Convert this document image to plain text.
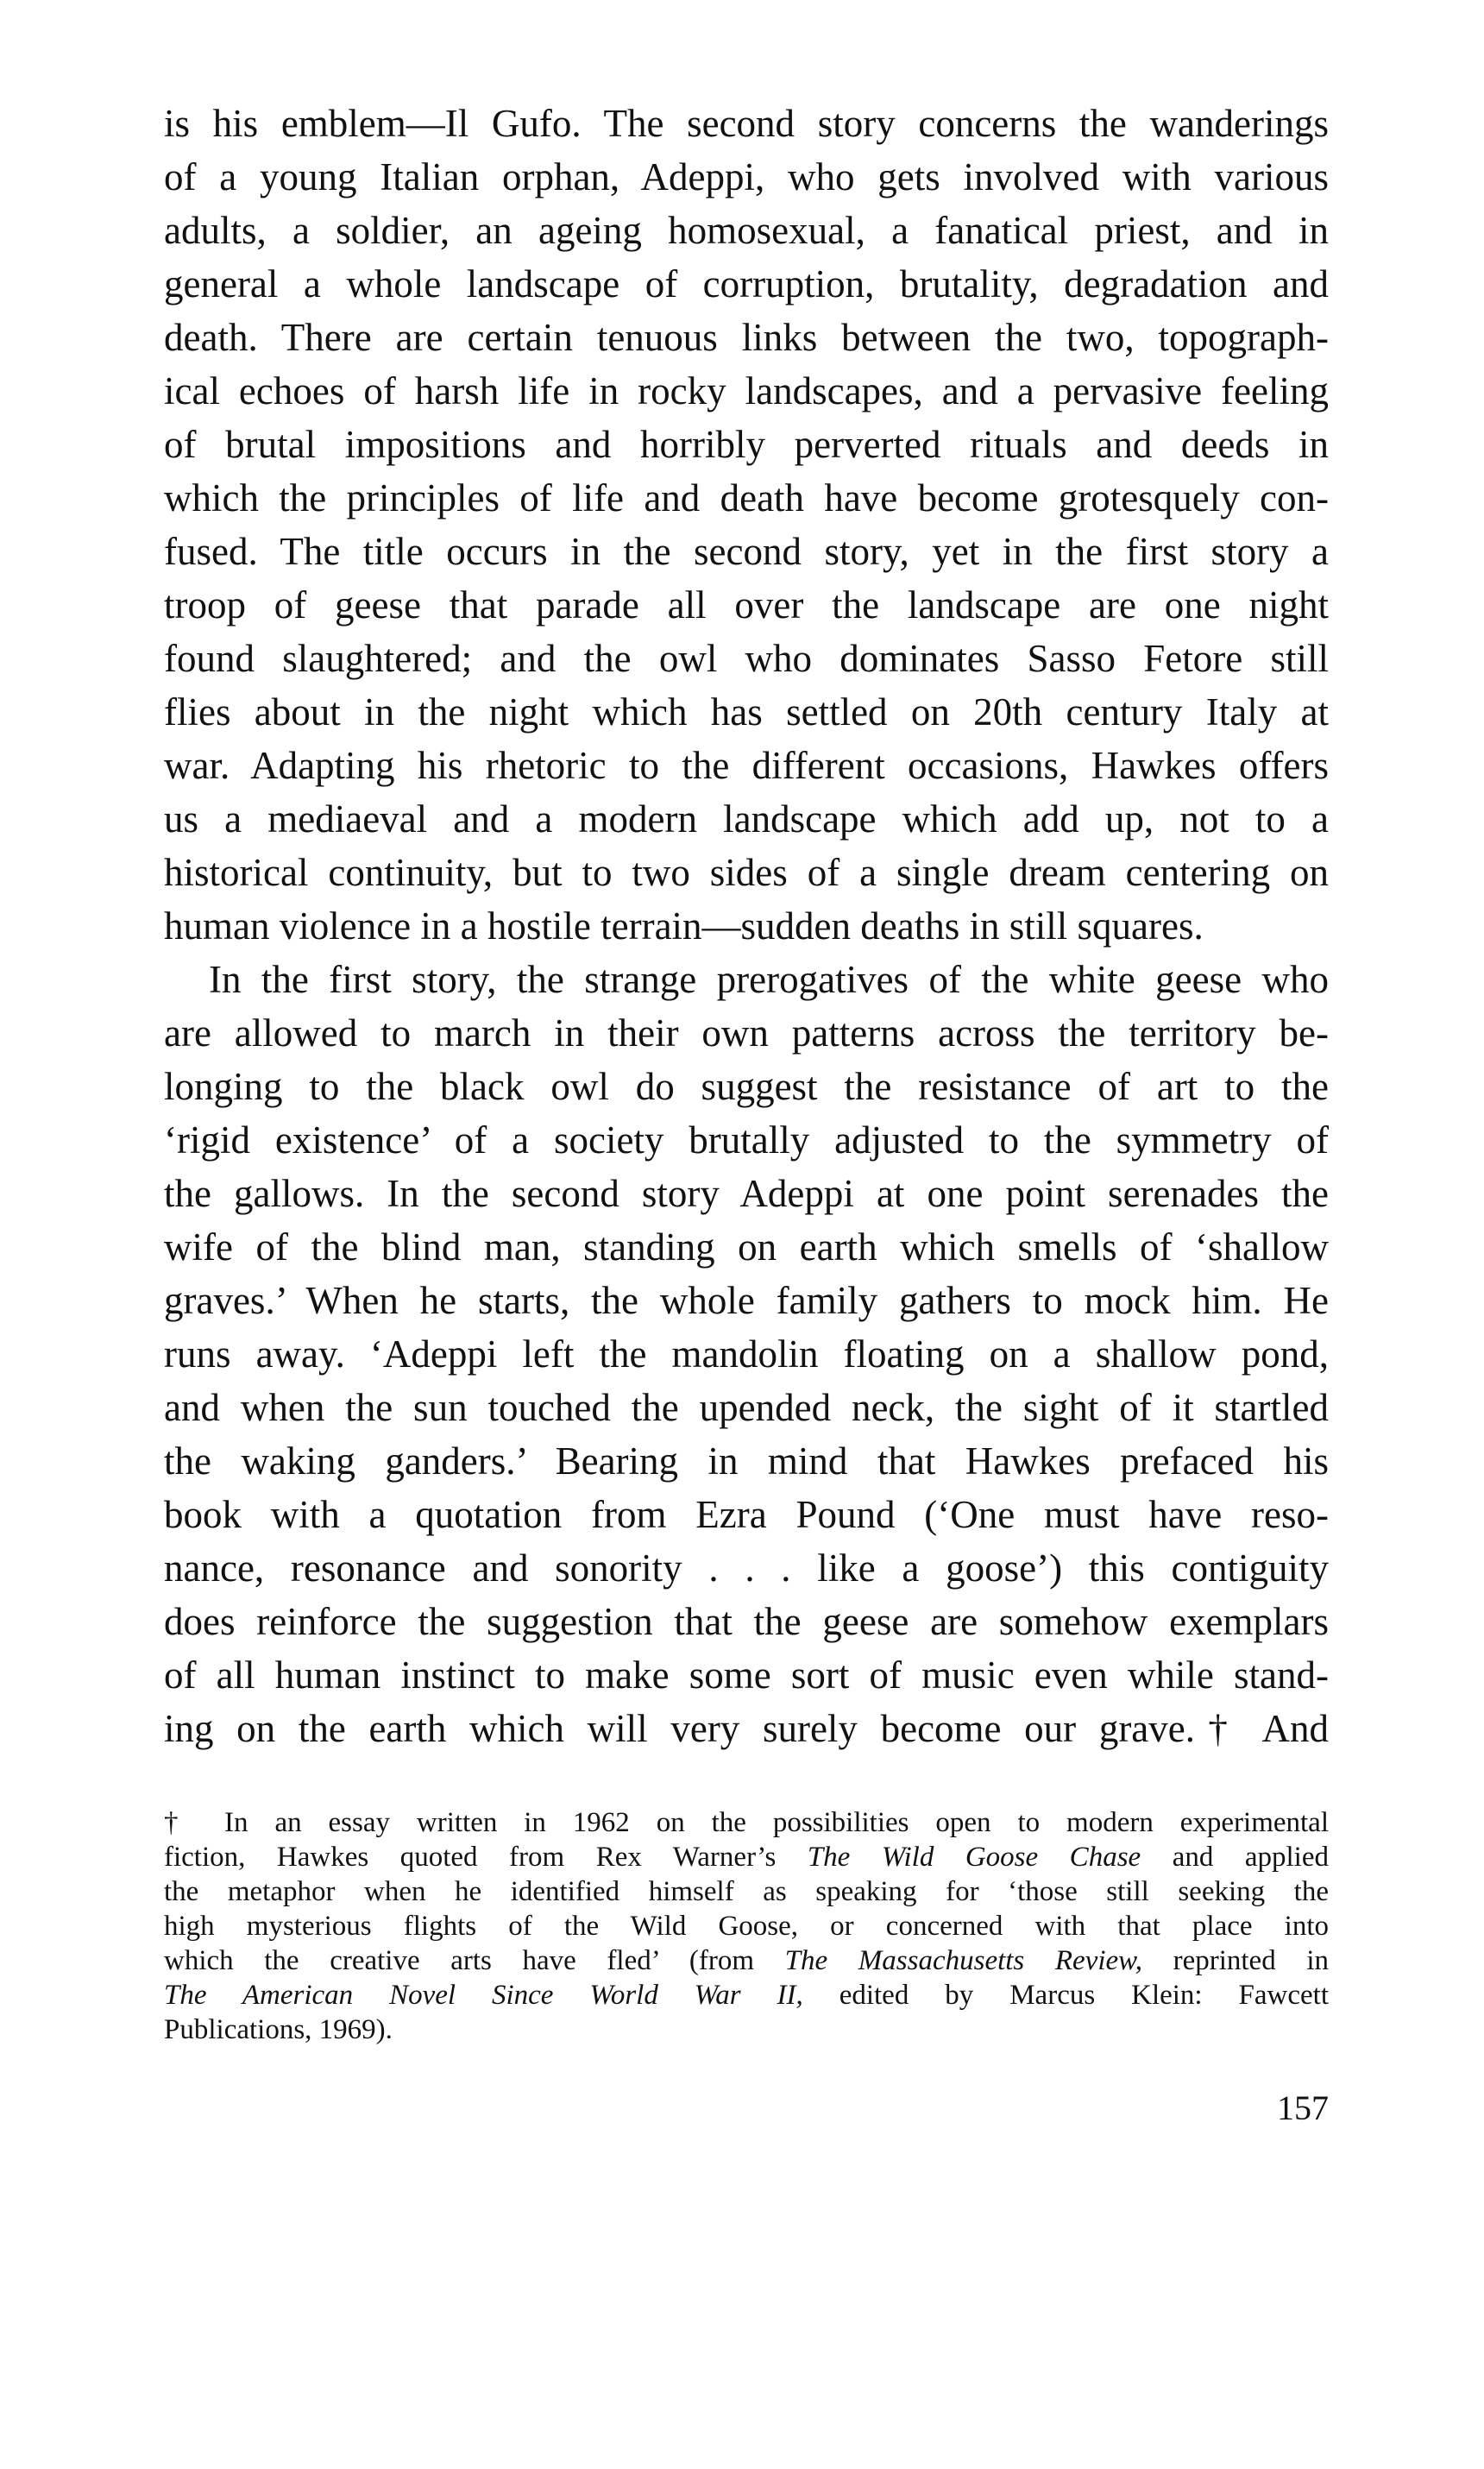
is his emblem—Il Gufo. The second story concerns the wanderings
of a young Italian orphan, Adeppi, who gets involved with various
adults, a soldier, an ageing homosexual, a fanatical priest, and in
general a whole landscape of corruption, brutality, degradation and
death. There are certain tenuous links between the two, topograph-
ical echoes of harsh life in rocky landscapes, and a pervasive feeling
of brutal impositions and horribly perverted rituals and deeds in
which the principles of life and death have become grotesquely con-
fused. The title occurs in the second story, yet in the first story a
troop of geese that parade all over the landscape are one night
found slaughtered; and the owl who dominates Sasso Fetore still
flies about in the night which has settled on 20th century Italy at
war. Adapting his rhetoric to the different occasions, Hawkes offers
us a mediaeval and a modern landscape which add up, not to a
historical continuity, but to two sides of a single dream centering on
human violence in a hostile terrain—sudden deaths in still squares.
In the first story, the strange prerogatives of the white geese who
are allowed to march in their own patterns across the territory be-
longing to the black owl do suggest the resistance of art to the
‘rigid existence’ of a society brutally adjusted to the symmetry of
the gallows. In the second story Adeppi at one point serenades the
wife of the blind man, standing on earth which smells of ‘shallow
graves.’ When he starts, the whole family gathers to mock him. He
runs away. ‘Adeppi left the mandolin floating on a shallow pond,
and when the sun touched the upended neck, the sight of it startled
the waking ganders.’ Bearing in mind that Hawkes prefaced his
book with a quotation from Ezra Pound (‘One must have reso-
nance, resonance and sonority . . . like a goose’) this contiguity
does reinforce the suggestion that the geese are somehow exemplars
of all human instinct to make some sort of music even while stand-
ing on the earth which will very surely become our grave.† And
† In an essay written in 1962 on the possibilities open to modern experimental
fiction, Hawkes quoted from Rex Warner’s The Wild Goose Chase and applied
the metaphor when he identified himself as speaking for ‘those still seeking the
high mysterious flights of the Wild Goose, or concerned with that place into
which the creative arts have fled’ (from The Massachusetts Review, reprinted in
The American Novel Since World War II, edited by Marcus Klein: Fawcett
Publications, 1969).
157
